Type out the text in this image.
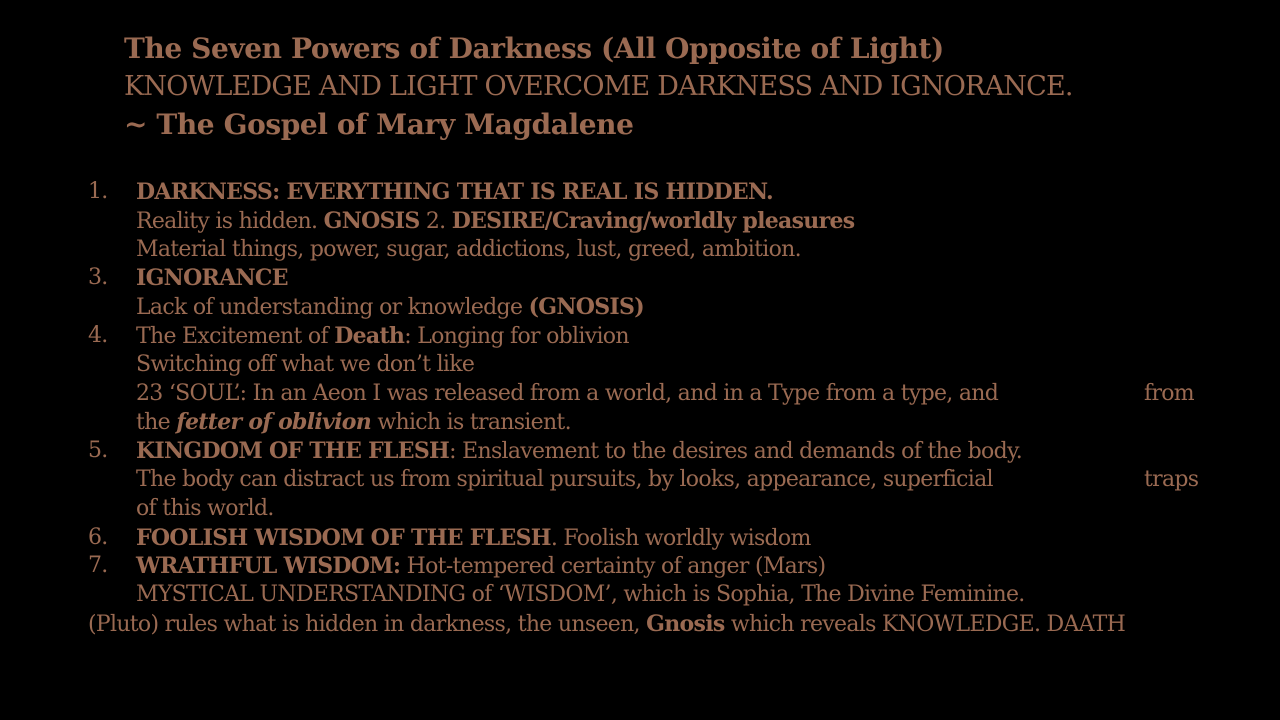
The Seven Powers of Darkness (All Opposite of Light)
KNOWLEDGE AND LIGHT OVERCOME DARKNESS AND IGNORANCE.
~ The Gospel of Mary Magdalene
1. DARKNESS: EVERYTHING THAT IS REAL IS HIDDEN.
Reality is hidden. GNOSIS 2. DESIRE/Craving/worldly pleasures
Material things, power, sugar, addictions, lust, greed, ambition.
3. IGNORANCE
Lack of understanding or knowledge (GNOSIS)
4. The Excitement of Death: Longing for oblivion
Switching off what we don’t like
23 ‘SOUL’: In an Aeon I was released from a world, and in a Type from a type, and	from
the fetter of oblivion which is transient.
5. KINGDOM OF THE FLESH: Enslavement to the desires and demands of the body.
The body can distract us from spiritual pursuits, by looks, appearance, superficial	traps
of this world.
6. FOOLISH WISDOM OF THE FLESH. Foolish worldly wisdom
7. WRATHFUL WISDOM: Hot-tempered certainty of anger (Mars)
MYSTICAL UNDERSTANDING of ‘WISDOM’, which is Sophia, The Divine Feminine.
(Pluto) rules what is hidden in darkness, the unseen, Gnosis which reveals KNOWLEDGE. DAATH
